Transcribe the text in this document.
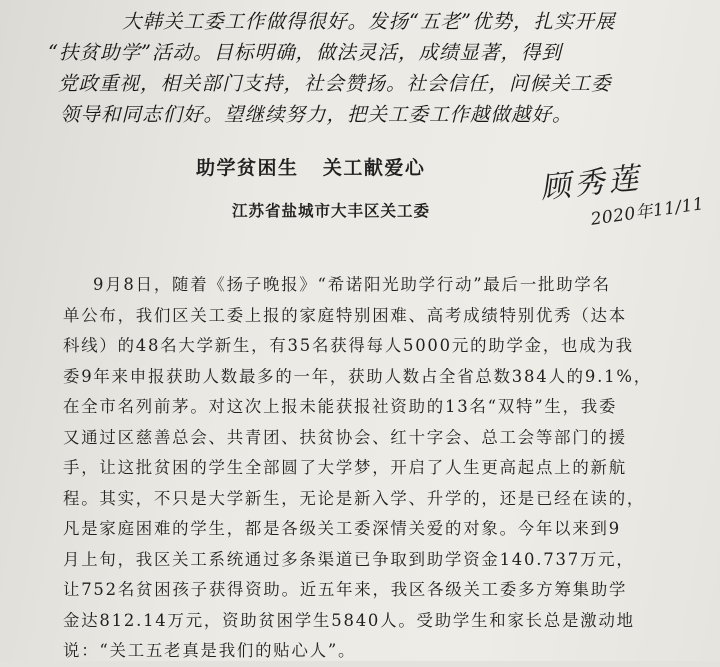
大韩关工委工作做得很好。发扬“五老”优势，扎实开展
“扶贫助学”活动。目标明确，做法灵活，成绩显著，得到
党政重视，相关部门支持，社会赞扬。社会信任，问候关工委
领导和同志们好。望继续努力，把关工委工作越做越好。
助学贫困生   关工献爱心	顾秀莲
江苏省盐城市大丰区关工委	2020年11/11
9月8日，随着《扬子晚报》“希诺阳光助学行动”最后一批助学名
单公布，我们区关工委上报的家庭特别困难、高考成绩特别优秀（达本
科线）的48名大学新生，有35名获得每人5000元的助学金，也成为我
委9年来申报获助人数最多的一年，获助人数占全省总数384人的9.1%，
在全市名列前茅。对这次上报未能获报社资助的13名“双特”生，我委
又通过区慈善总会、共青团、扶贫协会、红十字会、总工会等部门的援
手，让这批贫困的学生全部圆了大学梦，开启了人生更高起点上的新航
程。其实，不只是大学新生，无论是新入学、升学的，还是已经在读的，
凡是家庭困难的学生，都是各级关工委深情关爱的对象。今年以来到9
月上旬，我区关工系统通过多条渠道已争取到助学资金140.737万元，
让752名贫困孩子获得资助。近五年来，我区各级关工委多方筹集助学
金达812.14万元，资助贫困学生5840人。受助学生和家长总是激动地
说：“关工五老真是我们的贴心人”。
